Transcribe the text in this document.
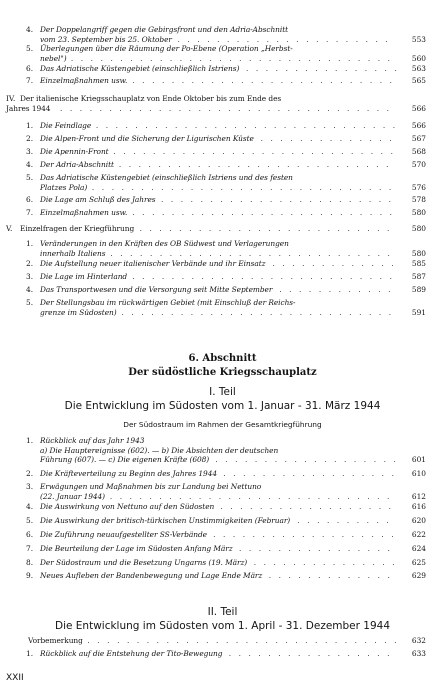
4. Der Doppelangriff gegen die Gebirgsfront und den Adria-Abschnitt
vom 23. September bis 25. Oktober . . . . . . . . . . . . . . . . . . . . . .	553
5. Überlegungen über die Räumung der Po-Ebene (Operation „Herbst-
nebel") . . . . . . . . . . . . . . . . . . . . . . . . . . . . . . . . .	560
6. Das Adriatische Küstengebiet (einschließlich Istriens) . . . . . . . . . . . . . . . .	563
7. Einzelmaßnahmen usw. . . . . . . . . . . . . . . . . . . . . . . . . . . .	565
IV. Der italienische Kriegsschauplatz von Ende Oktober bis zum Ende des
Jahres 1944 . . . . . . . . . . . . . . . . . . . . . . . . . . . . . . . . . .	566
1. Die Feindlage . . . . . . . . . . . . . . . . . . . . . . . . . . . . . . .	566
2. Die Alpen-Front und die Sicherung der Ligurischen Küste . . . . . . . . . . . . . .	567
3. Die Apennin-Front . . . . . . . . . . . . . . . . . . . . . . . . . . . . .	568
4. Der Adria-Abschnitt . . . . . . . . . . . . . . . . . . . . . . . . . . . .	570
5. Das Adriatische Küstengebiet (einschließlich Istriens und des festen
Platzes Pola) . . . . . . . . . . . . . . . . . . . . . . . . . . . . . . .	576
6. Die Lage am Schluß des Jahres . . . . . . . . . . . . . . . . . . . . . . . .	578
7. Einzelmaßnahmen usw. . . . . . . . . . . . . . . . . . . . . . . . . . . .	580
V. Einzelfragen der Kriegführung . . . . . . . . . . . . . . . . . . . . . . . . . .	580
1. Veränderungen in den Kräften des OB Südwest und Verlagerungen
innerhalb Italiens . . . . . . . . . . . . . . . . . . . . . . . . . . . . .	580
2. Die Aufstellung neuer italienischer Verbände und ihr Einsatz . . . . . . . . . . . . .	585
3. Die Lage im Hinterland . . . . . . . . . . . . . . . . . . . . . . . . . . .	587
4. Das Transportwesen und die Versorgung seit Mitte September . . . . . . . . . . . .	589
5. Der Stellungsbau im rückwärtigen Gebiet (mit Einschluß der Reichs-
grenze im Südosten) . . . . . . . . . . . . . . . . . . . . . . . . . . . .	591
6. Abschnitt
Der südöstliche Kriegsschauplatz
I. Teil
Die Entwicklung im Südosten vom 1. Januar - 31. März 1944
Der Südostraum im Rahmen der Gesamtkriegführung
II. Teil
Die Entwicklung im Südosten vom 1. April - 31. Dezember 1944
1. Rückblick auf das Jahr 1943
a) Die Hauptereignisse (602). — b) Die Absichten der deutschen
Führung (607). — c) Die eigenen Kräfte (608) . . . . . . . . . . . . . . . . . . .	601
2. Die Kräfteverteilung zu Beginn des Jahres 1944 . . . . . . . . . . . . . . . . . .	610
3. Erwägungen und Maßnahmen bis zur Landung bei Nettuno
(22. Januar 1944) . . . . . . . . . . . . . . . . . . . . . . . . . . . . .	612
4. Die Auswirkung von Nettuno auf den Südosten . . . . . . . . . . . . . . . . . .	616
5. Die Auswirkung der britisch-türkischen Unstimmigkeiten (Februar) . . . . . . . . . .	620
6. Die Zuführung neuaufgestellter SS-Verbände . . . . . . . . . . . . . . . . . . .	622
7. Die Beurteilung der Lage im Südosten Anfang März . . . . . . . . . . . . . . . .	624
8. Der Südostraum und die Besetzung Ungarns (19. März) . . . . . . . . . . . . . . .	625
9. Neues Aufleben der Bandenbewegung und Lage Ende März . . . . . . . . . . . . .	629
Vorbemerkung . . . . . . . . . . . . . . . . . . . . . . . . . . . . . . . .	632
1. Rückblick auf die Entstehung der Tito-Bewegung . . . . . . . . . . . . . . . . .	633
XXII
